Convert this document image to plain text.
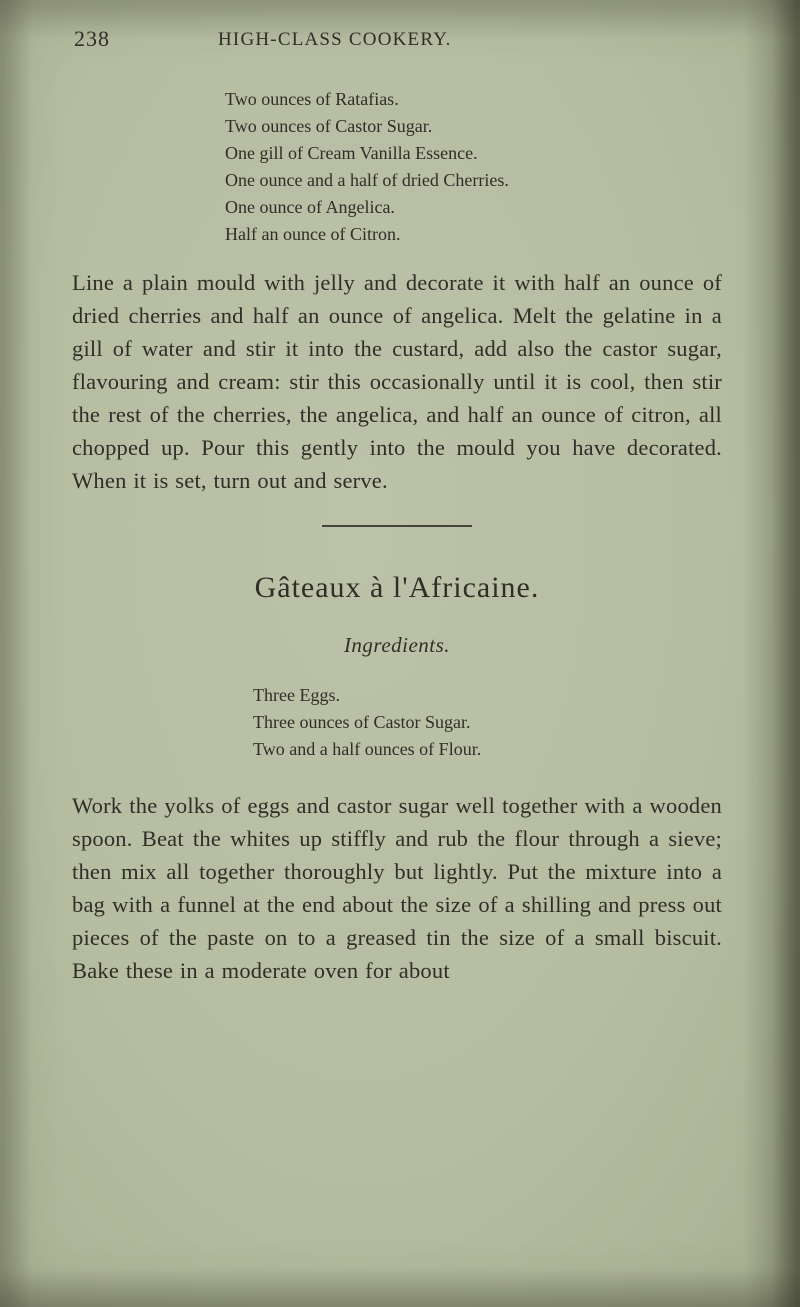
238	HIGH-CLASS COOKERY.
Two ounces of Ratafias.
Two ounces of Castor Sugar.
One gill of Cream Vanilla Essence.
One ounce and a half of dried Cherries.
One ounce of Angelica.
Half an ounce of Citron.

Line a plain mould with jelly and decorate it with half an ounce of dried cherries and half an ounce of angelica. Melt the gelatine in a gill of water and stir it into the custard, add also the castor sugar, flavouring and cream: stir this occasionally until it is cool, then stir the rest of the cherries, the angelica, and half an ounce of citron, all chopped up. Pour this gently into the mould you have decorated. When it is set, turn out and serve.

Gâteaux à l'Africaine.
Ingredients.
Three Eggs.
Three ounces of Castor Sugar.
Two and a half ounces of Flour.

Work the yolks of eggs and castor sugar well together with a wooden spoon. Beat the whites up stiffly and rub the flour through a sieve; then mix all together thoroughly but lightly. Put the mixture into a bag with a funnel at the end about the size of a shilling and press out pieces of the paste on to a greased tin the size of a small biscuit. Bake these in a moderate oven for about
